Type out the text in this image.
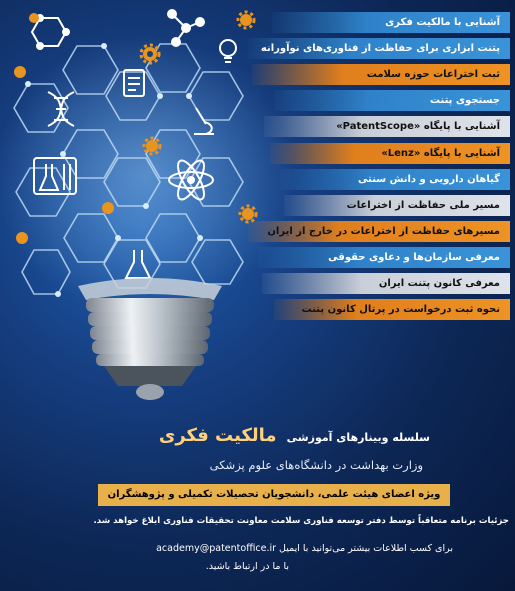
آشنایی با مالکیت فکری
پتنت ابزاری برای حفاظت از فناوری‌های نوآورانه
ثبت اختراعات حوزه سلامت
جستجوی پتنت
آشنایی با پایگاه «PatentScope»
آشنایی با پایگاه «Lenz»
گیاهان دارویی و دانش سنتی
مسیر ملی حفاظت از اختراعات
مسیرهای حفاظت از اختراعات در خارج از ایران
معرفی سازمان‌ها و دعاوی حقوقی
معرفی کانون پتنت ایران
نحوه ثبت درخواست در پرتال کانون پتنت
سلسله وبینارهای آموزشی مالکیت فکری
وزارت بهداشت در دانشگاه‌های علوم پزشکی
ویژه اعضای هیئت علمی، دانشجویان تحصیلات تکمیلی و پژوهشگران
جزئیات برنامه متعاقباً توسط دفتر توسعه فناوری سلامت معاونت تحقیقات فناوری ابلاغ خواهد شد.
برای کسب اطلاعات بیشتر می‌توانید با ایمیل academy@patentoffice.ir
با ما در ارتباط باشید.
